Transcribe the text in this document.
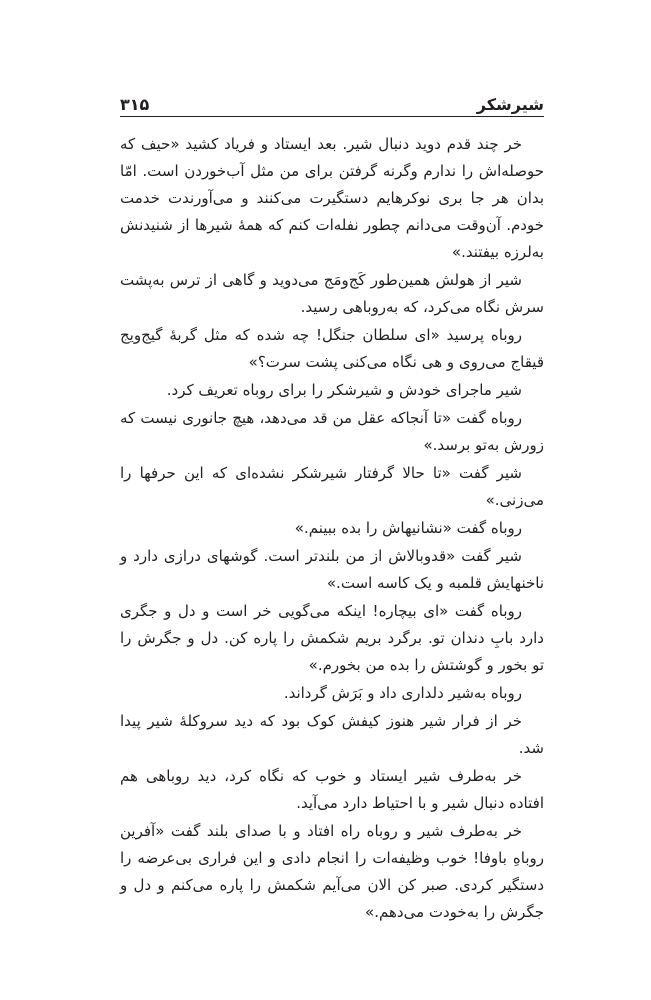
شیرشکر
۳۱۵

خر چند قدم دوید دنبال شیر. بعد ایستاد و فریاد کشید «حیف که حوصله‌اش را ندارم وگرنه گرفتن برای من مثل آب‌خوردن است. امّا بدان هر جا بری نوکرهایم دستگیرت می‌کنند و می‌آورندت خدمت خودم. آن‌وقت می‌دانم چطور نفله‌ات کنم که همهٔ شیرها از شنیدنش به‌لرزه بیفتند.»

شیر از هولش همین‌طور کَج‌ومَج می‌دوید و گاهی از ترس به‌پشت سرش نگاه می‌کرد، که به‌روباهی رسید.

روباه پرسید «ای سلطان جنگل! چه شده که مثل گربهٔ گیج‌ویج قیقاج می‌روی و هی نگاه می‌کنی پشت سرت؟»

شیر ماجرای خودش و شیرشکر را برای روباه تعریف کرد.

روباه گفت «تا آنجاکه عقل من قد می‌دهد، هیچ جانوری نیست که زورش به‌تو برسد.»

شیر گفت «تا حالا گرفتار شیرشکر نشده‌ای که این حرفها را می‌زنی.»

روباه گفت «نشانیهاش را بده ببینم.»

شیر گفت «قدوبالاش از من بلندتر است. گوشهای درازی دارد و ناخنهایش قلمبه و یک کاسه است.»

روباه گفت «ای بیچاره! اینکه می‌گویی خر است و دل و جگری دارد بابِ دندان تو. برگرد بریم شکمش را پاره کن. دل و جگرش را تو بخور و گوشتش را بده من بخورم.»

روباه به‌شیر دلداری داد و بَرَش گرداند.

خر از فرار شیر هنوز کیفش کوک بود که دید سروکلهٔ شیر پیدا شد.

خر به‌طرف شیر ایستاد و خوب که نگاه کرد، دید روباهی هم افتاده دنبال شیر و با احتیاط دارد می‌آید.

خر به‌طرف شیر و روباه راه افتاد و با صدای بلند گفت «آفرین روباهِ باوفا! خوب وظیفه‌ات را انجام دادی و این فراری بی‌عرضه را دستگیر کردی. صبر کن الان می‌آیم شکمش را پاره می‌کنم و دل و جگرش را به‌خودت می‌دهم.»
